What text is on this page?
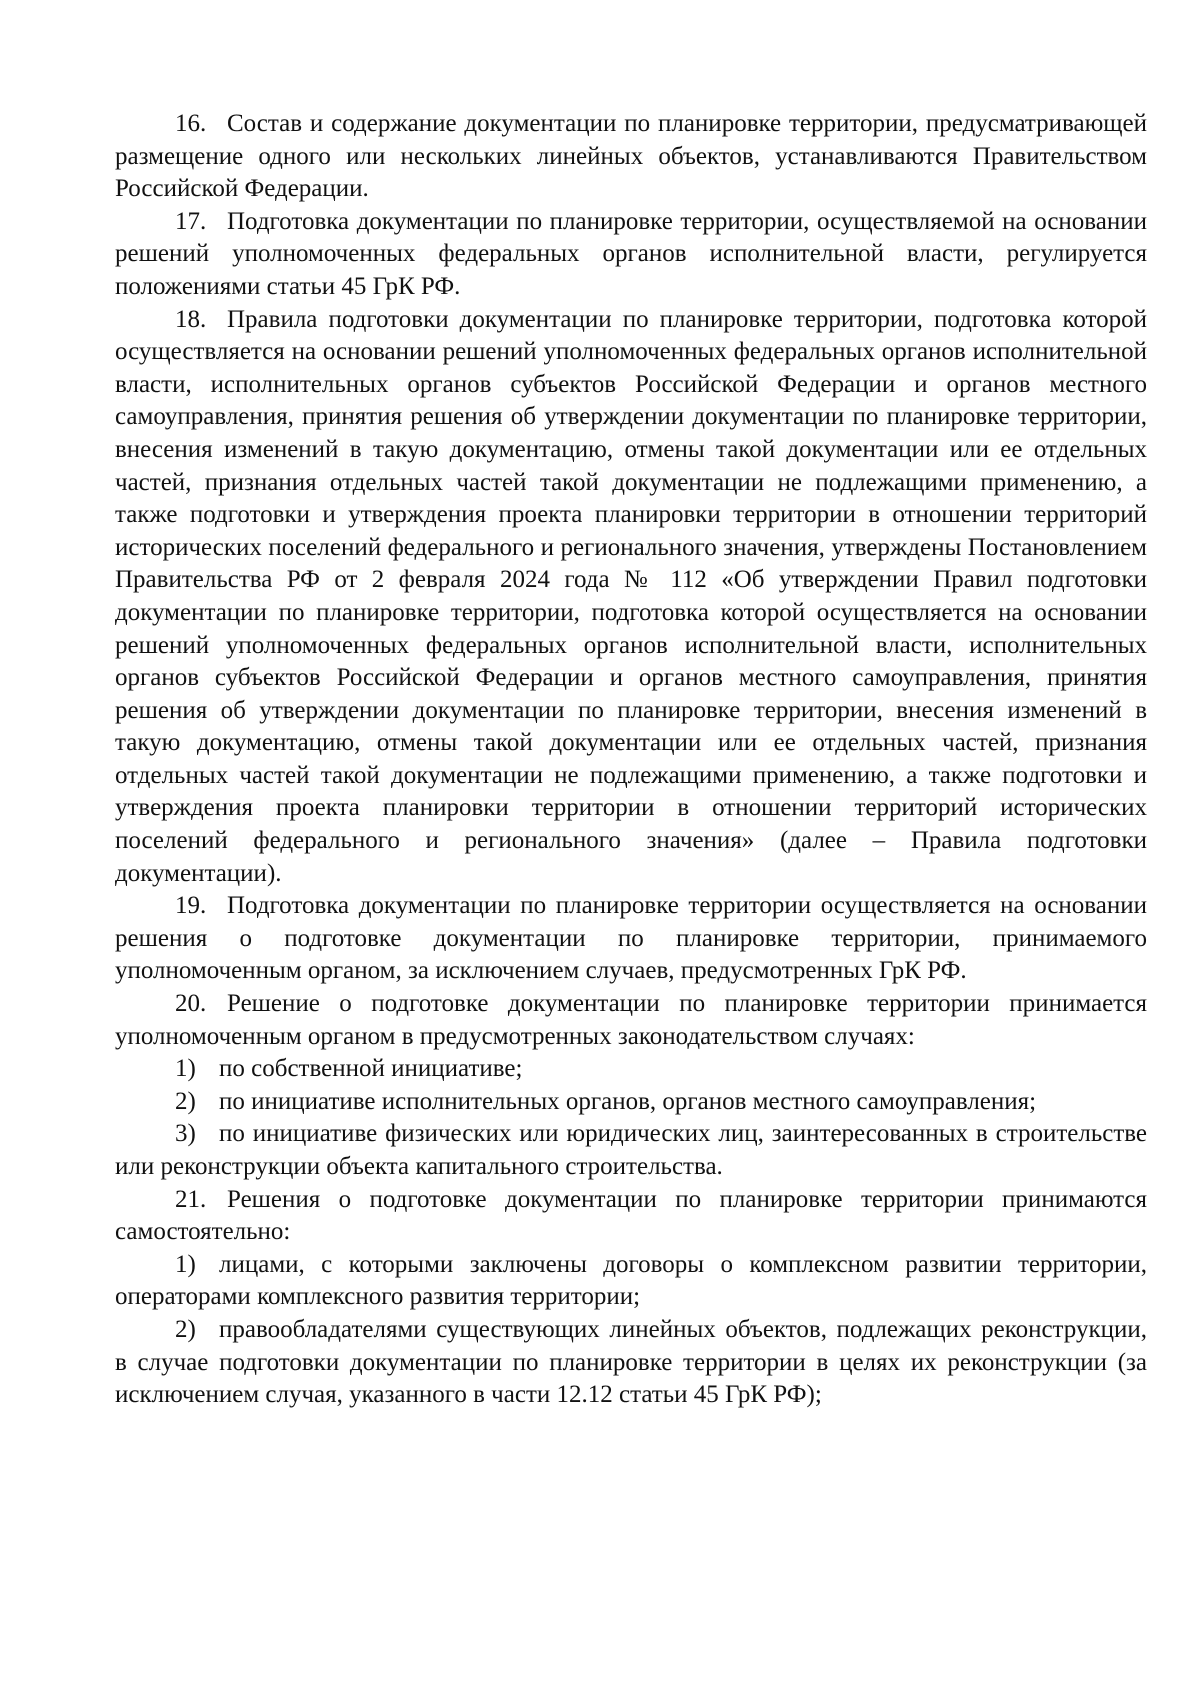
16. Состав и содержание документации по планировке территории, предусматривающей размещение одного или нескольких линейных объектов, устанавливаются Правительством Российской Федерации.

17. Подготовка документации по планировке территории, осуществляемой на основании решений уполномоченных федеральных органов исполнительной власти, регулируется положениями статьи 45 ГрК РФ.

18. Правила подготовки документации по планировке территории, подготовка которой осуществляется на основании решений уполномоченных федеральных органов исполнительной власти, исполнительных органов субъектов Российской Федерации и органов местного самоуправления, принятия решения об утверждении документации по планировке территории, внесения изменений в такую документацию, отмены такой документации или ее отдельных частей, признания отдельных частей такой документации не подлежащими применению, а также подготовки и утверждения проекта планировки территории в отношении территорий исторических поселений федерального и регионального значения, утверждены Постановлением Правительства РФ от 2 февраля 2024 года № 112 «Об утверждении Правил подготовки документации по планировке территории, подготовка которой осуществляется на основании решений уполномоченных федеральных органов исполнительной власти, исполнительных органов субъектов Российской Федерации и органов местного самоуправления, принятия решения об утверждении документации по планировке территории, внесения изменений в такую документацию, отмены такой документации или ее отдельных частей, признания отдельных частей такой документации не подлежащими применению, а также подготовки и утверждения проекта планировки территории в отношении территорий исторических поселений федерального и регионального значения» (далее – Правила подготовки документации).

19. Подготовка документации по планировке территории осуществляется на основании решения о подготовке документации по планировке территории, принимаемого уполномоченным органом, за исключением случаев, предусмотренных ГрК РФ.

20. Решение о подготовке документации по планировке территории принимается уполномоченным органом в предусмотренных законодательством случаях:

1) по собственной инициативе;

2) по инициативе исполнительных органов, органов местного самоуправления;

3) по инициативе физических или юридических лиц, заинтересованных в строительстве или реконструкции объекта капитального строительства.

21. Решения о подготовке документации по планировке территории принимаются самостоятельно:

1) лицами, с которыми заключены договоры о комплексном развитии территории, операторами комплексного развития территории;

2) правообладателями существующих линейных объектов, подлежащих реконструкции, в случае подготовки документации по планировке территории в целях их реконструкции (за исключением случая, указанного в части 12.12 статьи 45 ГрК РФ);
